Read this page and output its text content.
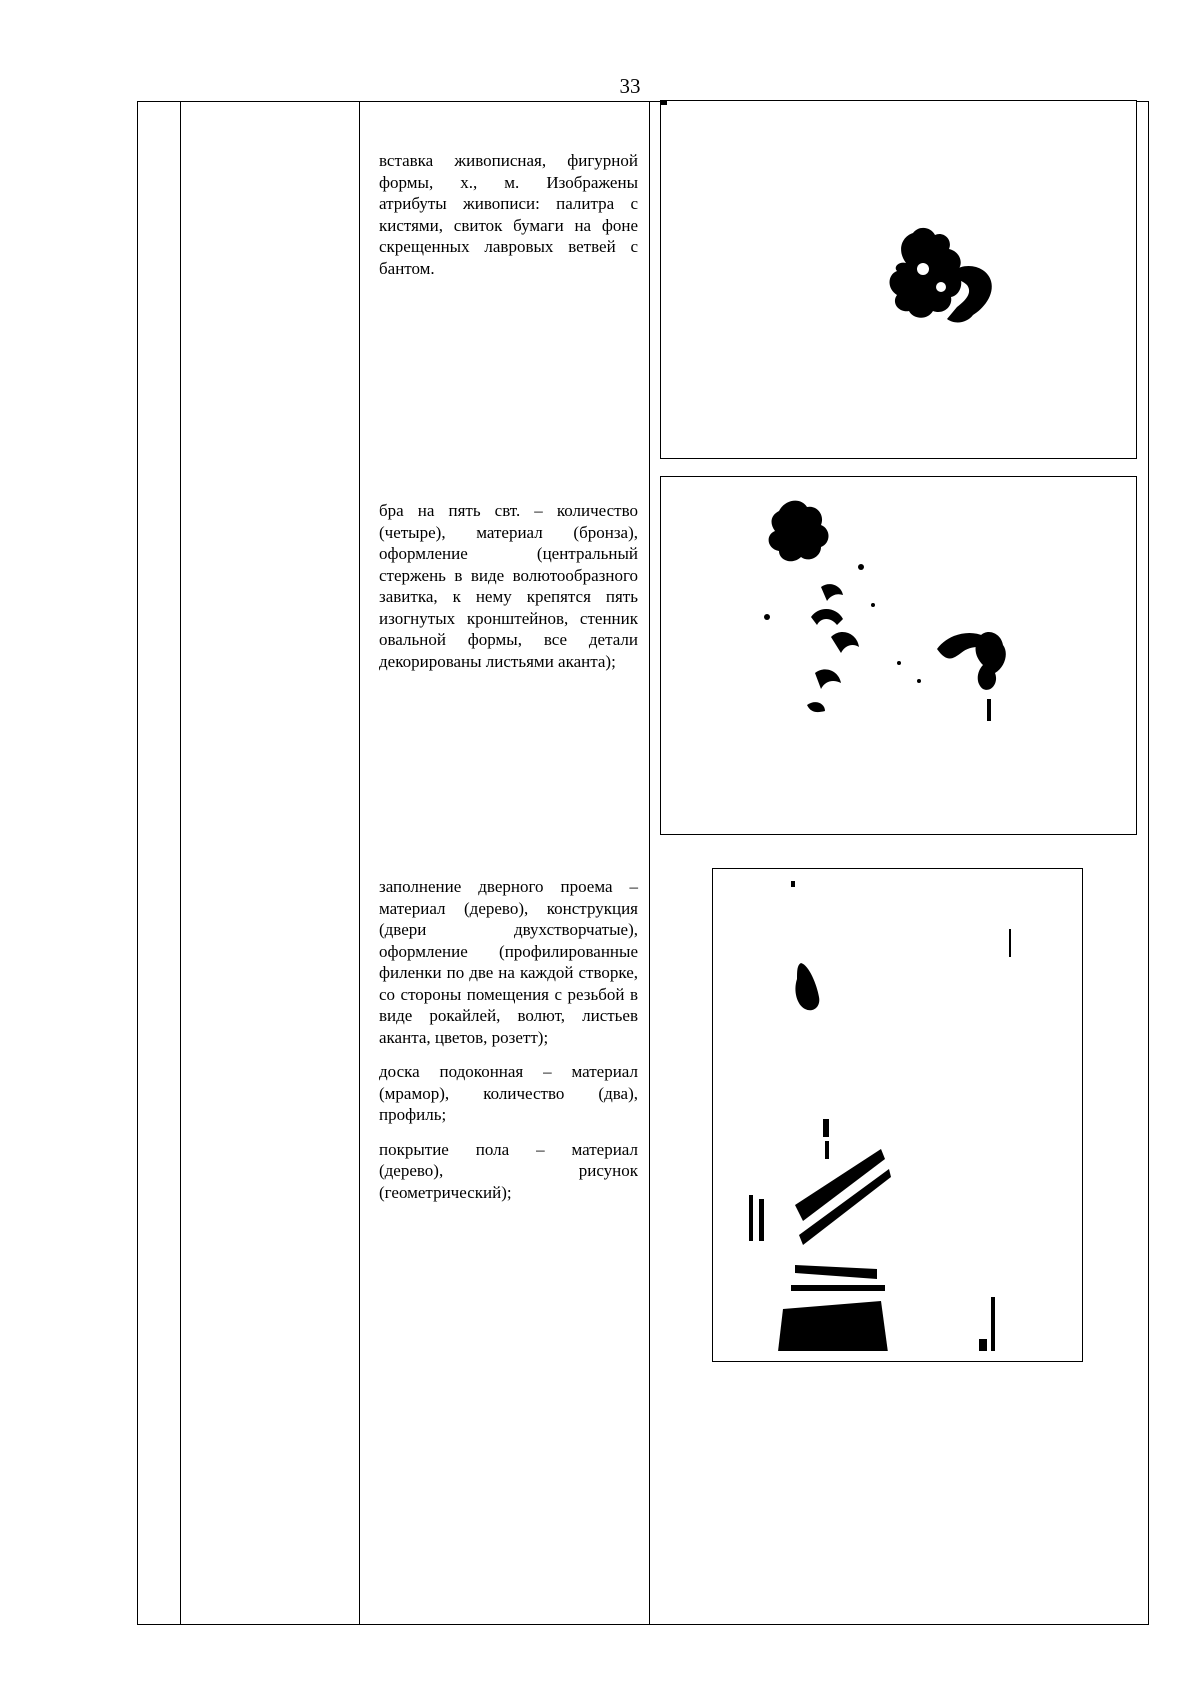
33

вставка живописная, фигурной формы, х., м. Изображены атрибуты живописи: палитра с кистями, свиток бумаги на фоне скрещенных лавровых ветвей с бантом.

бра на пять свт. – количество (четыре), материал (бронза), оформление (центральный стержень в виде волютообразного завитка, к нему крепятся пять изогнутых кронштейнов, стенник овальной формы, все детали декорированы листьями аканта);

заполнение дверного проема – материал (дерево), конструкция (двери двухстворчатые), оформление (профилированные филенки по две на каждой створке, со стороны помещения с резьбой в виде рокайлей, волют, листьев аканта, цветов, розетт);

доска подоконная – материал (мрамор), количество (два), профиль;

покрытие пола – материал (дерево), рисунок (геометрический);
